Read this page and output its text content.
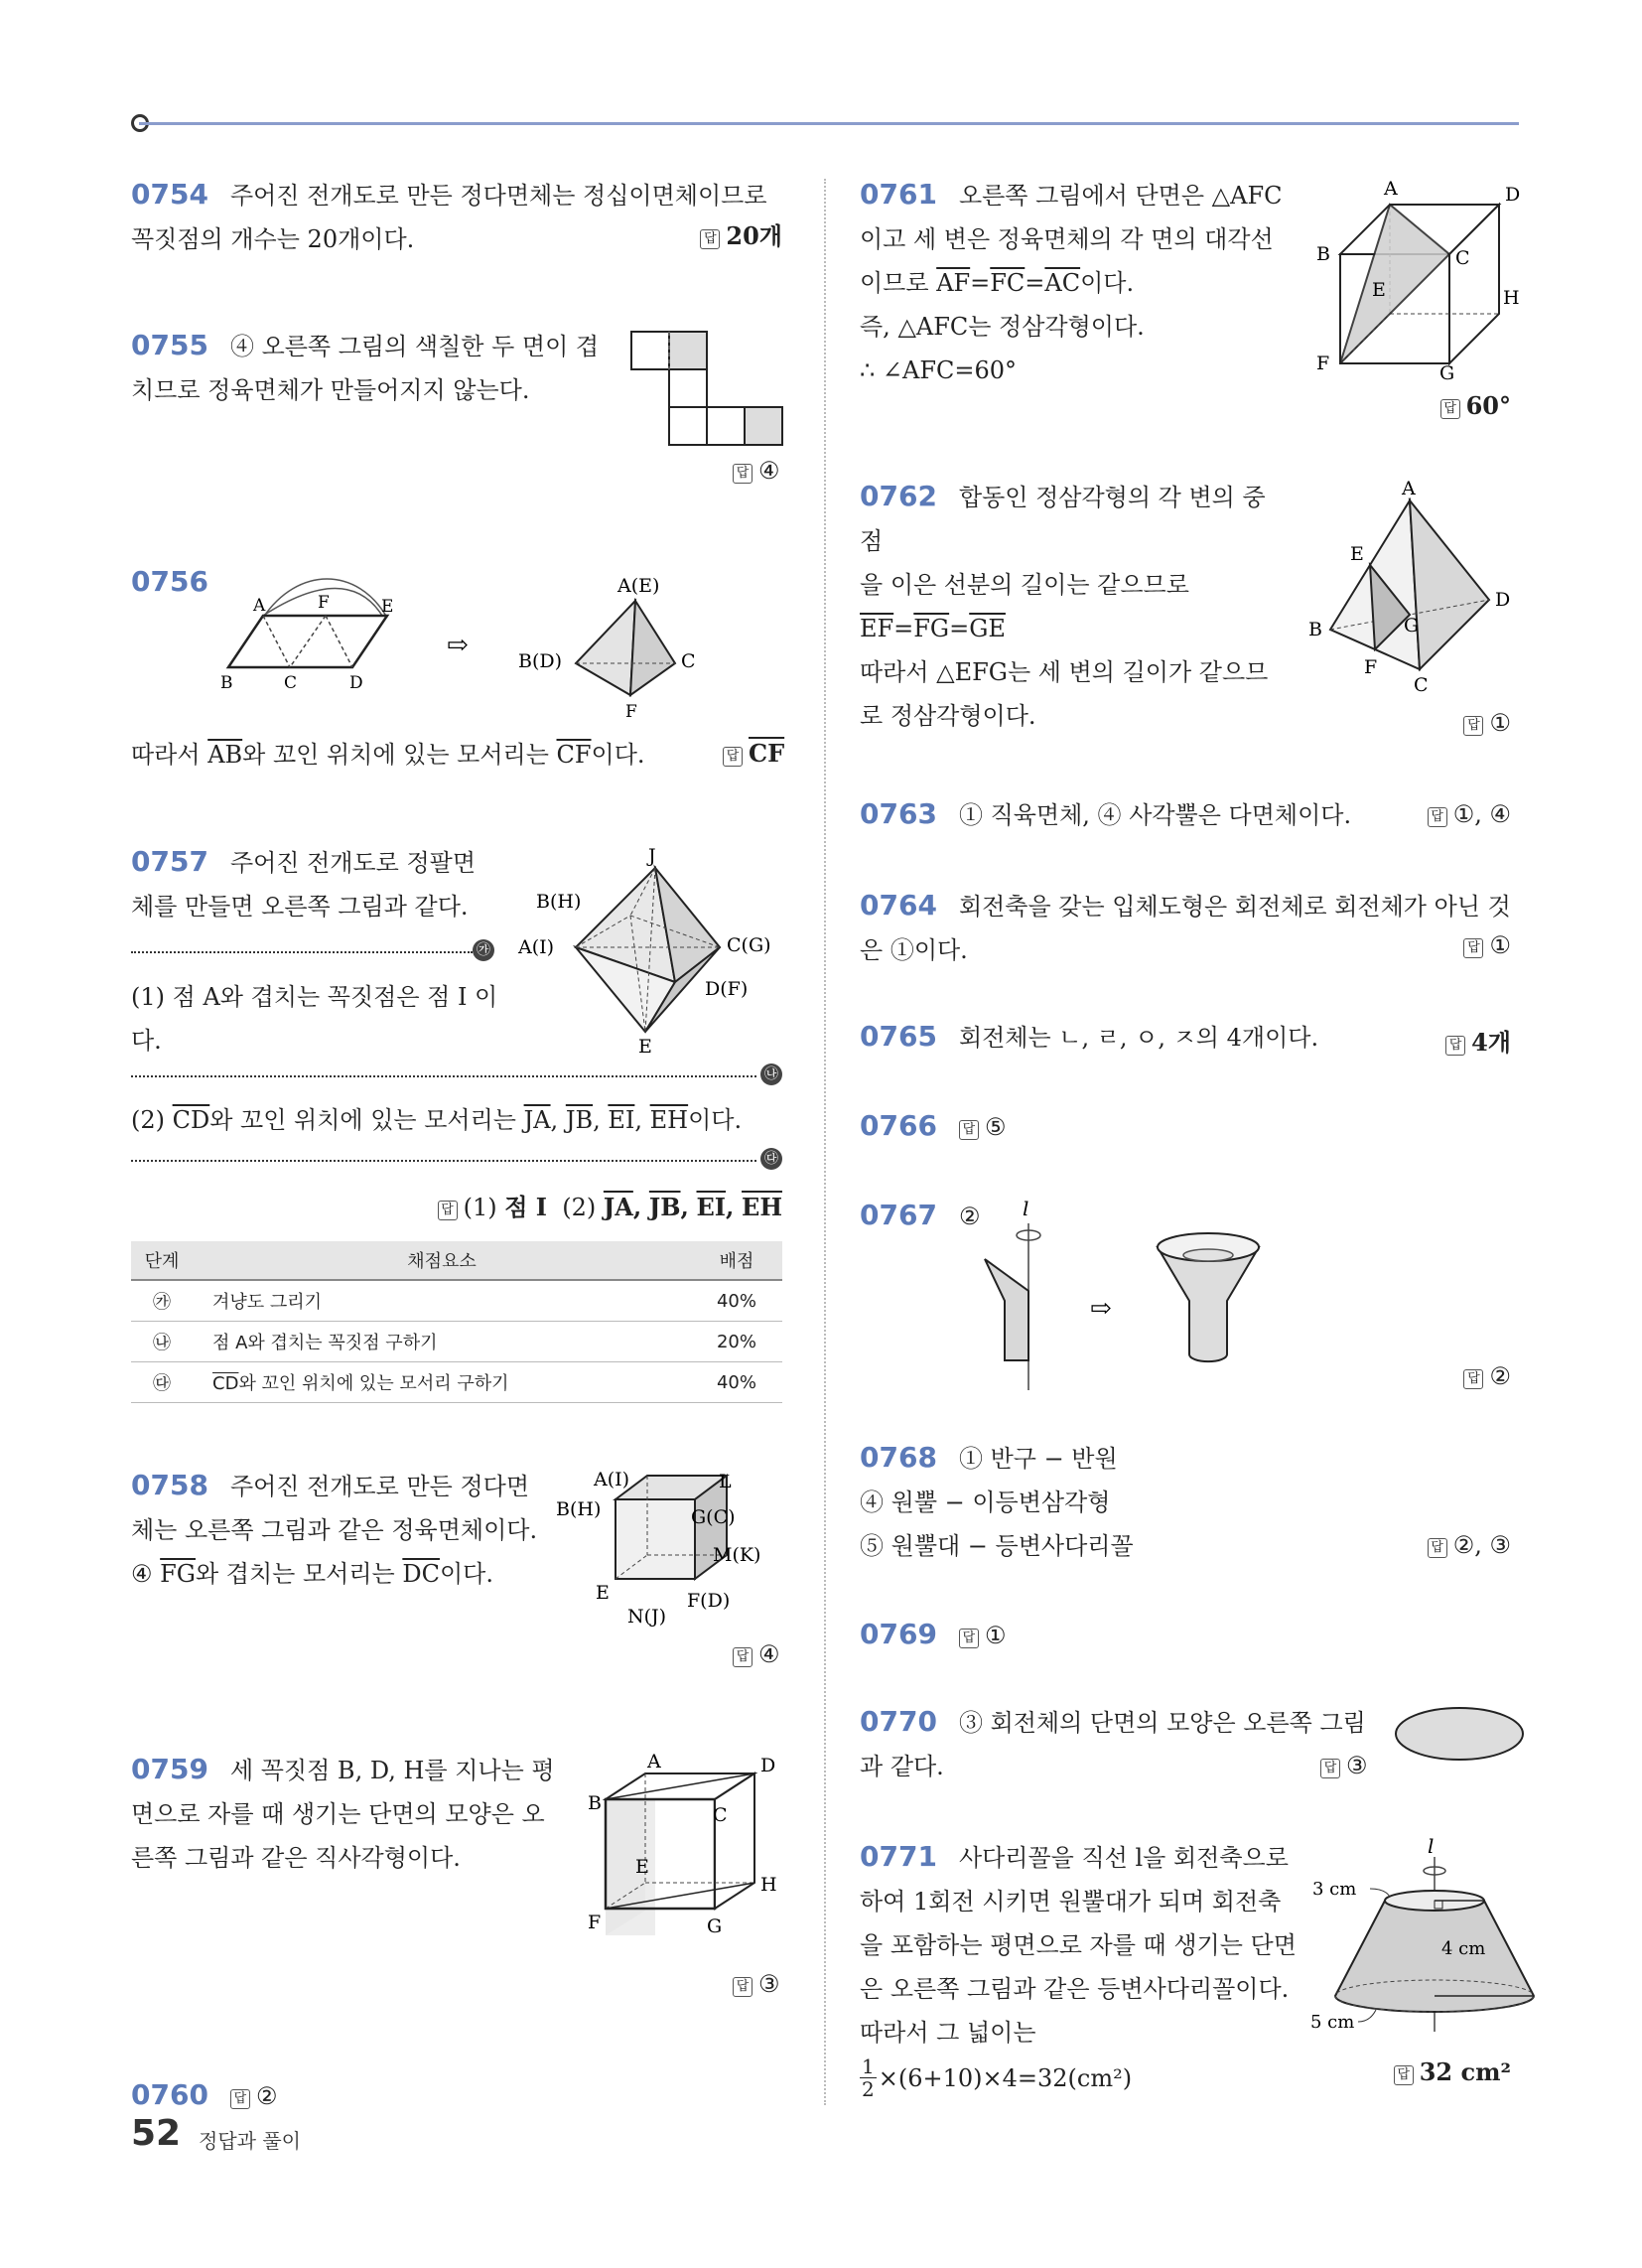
0754 주어진 전개도로 만든 정다면체는 정십이면체이므로 꼭짓점의 개수는 20개이다.	답 20개
0755 ④ 오른쪽 그림의 색칠한 두 면이 겹치므로 정육면체가 만들어지지 않는다.
답 ④
0756
A	F	E
B	C	D
⇨
A(E)
B(D)	C
F
따라서 $\overline{AB}$와 꼬인 위치에 있는 모서리는 $\overline{CF}$이다.	답 $\overline{CF}$
0757 주어진 전개도로 정팔면체를 만들면 오른쪽 그림과 같다.
J
B(H)
A(I)	C(G)
D(F)
E
㉮
(1) 점 A와 겹치는 꼭짓점은 점 I 이다.
㉯
(2) $\overline{CD}$와 꼬인 위치에 있는 모서리는 $\overline{JA}$, $\overline{JB}$, $\overline{EI}$, $\overline{EH}$이다.
㉰
답 (1) 점 I (2) $\overline{JA}$, $\overline{JB}$, $\overline{EI}$, $\overline{EH}$
단계	채점요소	배점
㉮	겨냥도 그리기	40%
㉯	점 A와 겹치는 꼭짓점 구하기	20%
㉰	$\overline{CD}$와 꼬인 위치에 있는 모서리 구하기	40%
0758 주어진 전개도로 만든 정다면체는 오른쪽 그림과 같은 정육면체이다.
④ $\overline{FG}$와 겹치는 모서리는 $\overline{DC}$이다.
A(I)	L
B(H)	G(C)
M(K)
E
N(J)
F(D)
답 ④
0759 세 꼭짓점 B, D, H를 지나는 평면으로 자를 때 생기는 단면의 모양은 오른쪽 그림과 같은 직사각형이다.
A	D
B
C
E
H
F	G
답 ③
0760 답 ②
0761 오른쪽 그림에서 단면은 △AFC
이고 세 변은 정육면체의 각 면의 대각선
이므로 $\overline{AF}=\overline{FC}=\overline{AC}$이다.
즉, △AFC는 정삼각형이다.
∴ ∠AFC=60°
A	D
B	C
E	H
F	G
답 60°
0762 합동인 정삼각형의 각 변의 중점
을 이은 선분의 길이는 같으므로
$\overline{EF}=\overline{FG}=\overline{GE}$
따라서 △EFG는 세 변의 길이가 같으므
로 정삼각형이다.
A
E
D
B	G
F
C
답 ①
0763 ① 직육면체, ④ 사각뿔은 다면체이다.	답 ①, ④
0764 회전축을 갖는 입체도형은 회전체로 회전체가 아닌 것은 ①이다.	답 ①
0765 회전체는 ㄴ, ㄹ, ㅇ, ㅈ의 4개이다.	답 4개
0766 답 ⑤
0767 ② l
⇨
답 ②
0768 ① 반구 − 반원
④ 원뿔 − 이등변삼각형
⑤ 원뿔대 − 등변사다리꼴	답 ②, ③
0769 답 ①
0770 ③ 회전체의 단면의 모양은 오른쪽 그림과 같다.	답 ③
0771 사다리꼴을 직선 l을 회전축으로
하여 1회전 시키면 원뿔대가 되며 회전축
을 포함하는 평면으로 자를 때 생기는 단면
은 오른쪽 그림과 같은 등변사다리꼴이다.
따라서 그 넓이는
$\frac{1}{2} \times(6+10)\times 4=32(cm^2)$
l
3 cm
4 cm
5 cm
답 32 cm²
52 정답과 풀이
